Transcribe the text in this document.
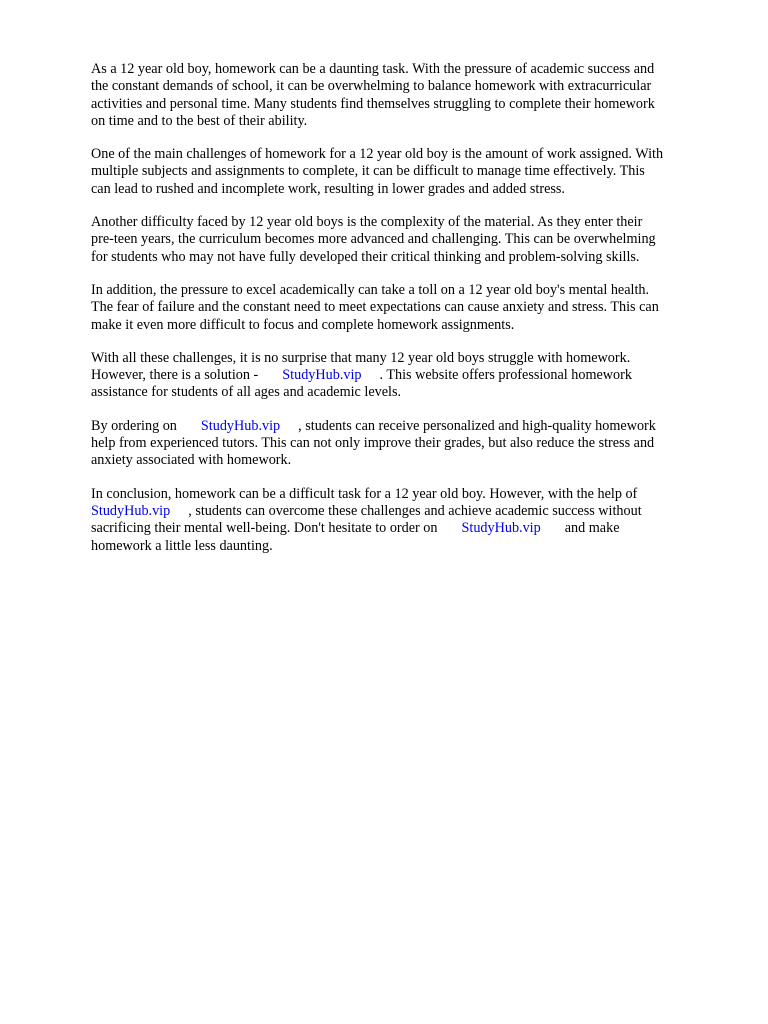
As a 12 year old boy, homework can be a daunting task. With the pressure of academic success and
the constant demands of school, it can be overwhelming to balance homework with extracurricular
activities and personal time. Many students find themselves struggling to complete their homework
on time and to the best of their ability.

One of the main challenges of homework for a 12 year old boy is the amount of work assigned. With
multiple subjects and assignments to complete, it can be difficult to manage time effectively. This
can lead to rushed and incomplete work, resulting in lower grades and added stress.

Another difficulty faced by 12 year old boys is the complexity of the material. As they enter their
pre-teen years, the curriculum becomes more advanced and challenging. This can be overwhelming
for students who may not have fully developed their critical thinking and problem-solving skills.

In addition, the pressure to excel academically can take a toll on a 12 year old boy's mental health.
The fear of failure and the constant need to meet expectations can cause anxiety and stress. This can
make it even more difficult to focus and complete homework assignments.

With all these challenges, it is no surprise that many 12 year old boys struggle with homework.
However, there is a solution - StudyHub.vip . This website offers professional homework
assistance for students of all ages and academic levels.

By ordering on StudyHub.vip , students can receive personalized and high-quality homework
help from experienced tutors. This can not only improve their grades, but also reduce the stress and
anxiety associated with homework.

In conclusion, homework can be a difficult task for a 12 year old boy. However, with the help of
StudyHub.vip , students can overcome these challenges and achieve academic success without
sacrificing their mental well-being. Don't hesitate to order on StudyHub.vip and make
homework a little less daunting.
